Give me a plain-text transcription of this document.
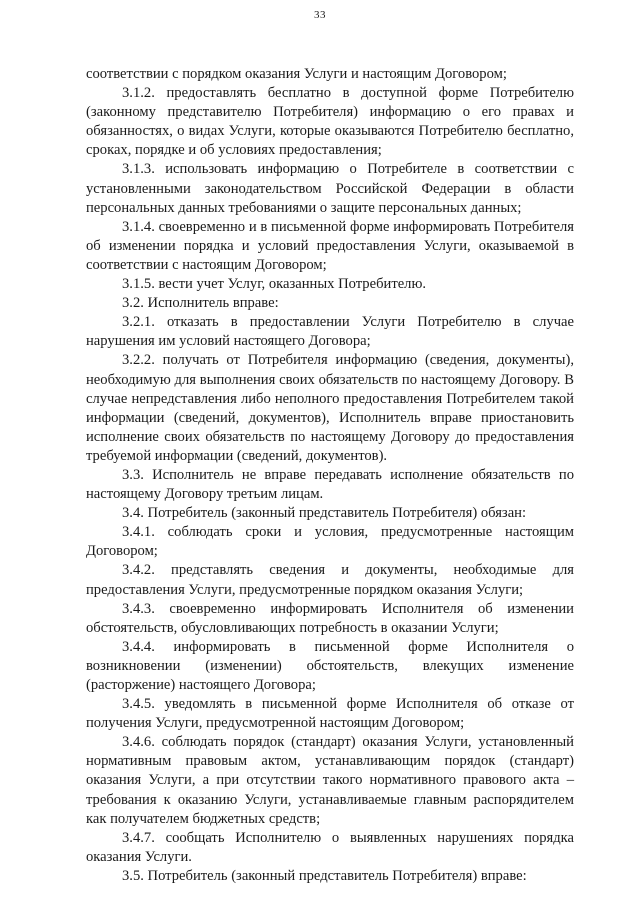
33

соответствии с порядком оказания Услуги и настоящим Договором;

3.1.2. предоставлять бесплатно в доступной форме Потребителю (законному представителю Потребителя) информацию о его правах и обязанностях, о видах Услуги, которые оказываются Потребителю бесплатно, сроках, порядке и об условиях предоставления;

3.1.3. использовать информацию о Потребителе в соответствии с установленными законодательством Российской Федерации в области персональных данных требованиями о защите персональных данных;

3.1.4. своевременно и в письменной форме информировать Потребителя об изменении порядка и условий предоставления Услуги, оказываемой в соответствии с настоящим Договором;

3.1.5. вести учет Услуг, оказанных Потребителю.

3.2. Исполнитель вправе:

3.2.1. отказать в предоставлении Услуги Потребителю в случае нарушения им условий настоящего Договора;

3.2.2. получать от Потребителя информацию (сведения, документы), необходимую для выполнения своих обязательств по настоящему Договору. В случае непредставления либо неполного предоставления Потребителем такой информации (сведений, документов), Исполнитель вправе приостановить исполнение своих обязательств по настоящему Договору до предоставления требуемой информации (сведений, документов).

3.3. Исполнитель не вправе передавать исполнение обязательств по настоящему Договору третьим лицам.

3.4. Потребитель (законный представитель Потребителя) обязан:

3.4.1. соблюдать сроки и условия, предусмотренные настоящим Договором;

3.4.2. представлять сведения и документы, необходимые для предоставления Услуги, предусмотренные порядком оказания Услуги;

3.4.3. своевременно информировать Исполнителя об изменении обстоятельств, обусловливающих потребность в оказании Услуги;

3.4.4. информировать в письменной форме Исполнителя о возникновении (изменении) обстоятельств, влекущих изменение (расторжение) настоящего Договора;

3.4.5. уведомлять в письменной форме Исполнителя об отказе от получения Услуги, предусмотренной настоящим Договором;

3.4.6. соблюдать порядок (стандарт) оказания Услуги, установленный нормативным правовым актом, устанавливающим порядок (стандарт) оказания Услуги, а при отсутствии такого нормативного правового акта – требования к оказанию Услуги, устанавливаемые главным распорядителем как получателем бюджетных средств;

3.4.7. сообщать Исполнителю о выявленных нарушениях порядка оказания Услуги.

3.5. Потребитель (законный представитель Потребителя) вправе:
